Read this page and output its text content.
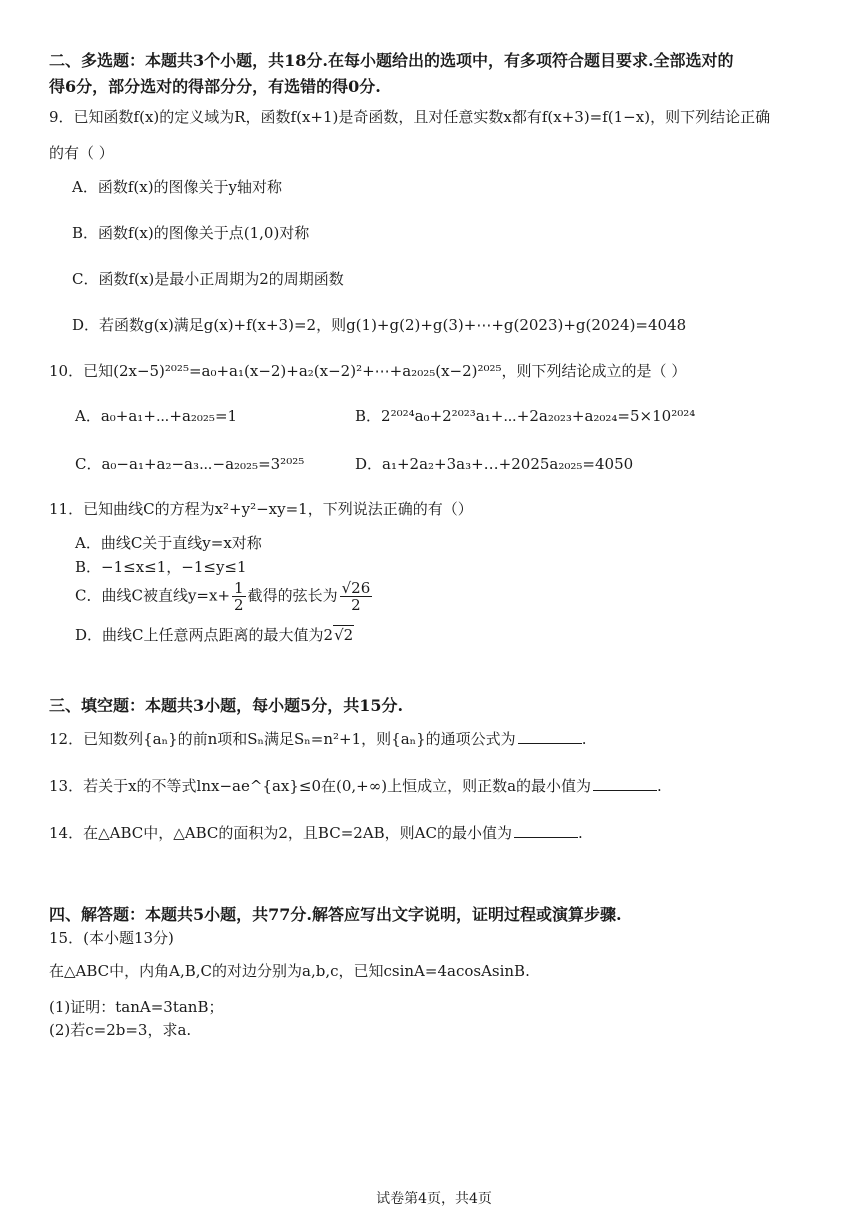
二、多选题：本题共3个小题，共18分.在每小题给出的选项中，有多项符合题目要求.全部选对的
得6分，部分选对的得部分分，有选错的得0分.
9．已知函数f(x)的定义域为R，函数f(x+1)是奇函数，且对任意实数x都有f(x+3)=f(1−x)，则下列结论正确
的有（ ）
A．函数f(x)的图像关于y轴对称
B．函数f(x)的图像关于点(1,0)对称
C．函数f(x)是最小正周期为2的周期函数
D．若函数g(x)满足g(x)+f(x+3)=2，则g(1)+g(2)+g(3)+⋯+g(2023)+g(2024)=4048
10．已知(2x−5)²⁰²⁵=a₀+a₁(x−2)+a₂(x−2)²+⋯+a₂₀₂₅(x−2)²⁰²⁵，则下列结论成立的是（ ）
A．a₀+a₁+⋯+a₂₀₂₅=1	B．2²⁰²⁴a₀+2²⁰²³a₁+⋯+2a₂₀₂₃+a₂₀₂₄=5×10²⁰²⁴
C．a₀−a₁+a₂−a₃⋯−a₂₀₂₅=3²⁰²⁵	D．a₁+2a₂+3a₃+…+2025a₂₀₂₅=4050
11．已知曲线C的方程为x²+y²−xy=1，下列说法正确的有（）
A．曲线C关于直线y=x对称
B．−1≤x≤1，−1≤y≤1
C．曲线C被直线$y=x+ \frac{1}{2}$ 截得的弦长为 $\frac{√26}{2}$
D．曲线C上任意两点距离的最大值为2√2
三、填空题：本题共3小题，每小题5分，共15分.
12．已知数列{aₙ}的前n项和Sₙ满足Sₙ=n²+1，则{aₙ}的通项公式为	.
13．若关于x的不等式lnx−ae^{ax}≤0在(0,+∞)上恒成立，则正数a的最小值为	.
14．在△ABC中，△ABC的面积为2，且BC=2AB，则AC的最小值为	.
四、解答题：本题共5小题，共77分.解答应写出文字说明，证明过程或演算步骤.
15．(本小题13分)
在△ABC中，内角A,B,C的对边分别为a,b,c，已知csinA=4acosAsinB.
(1)证明：tanA=3tanB；
(2)若c=2b=3，求a.
试卷第4页，共4页
